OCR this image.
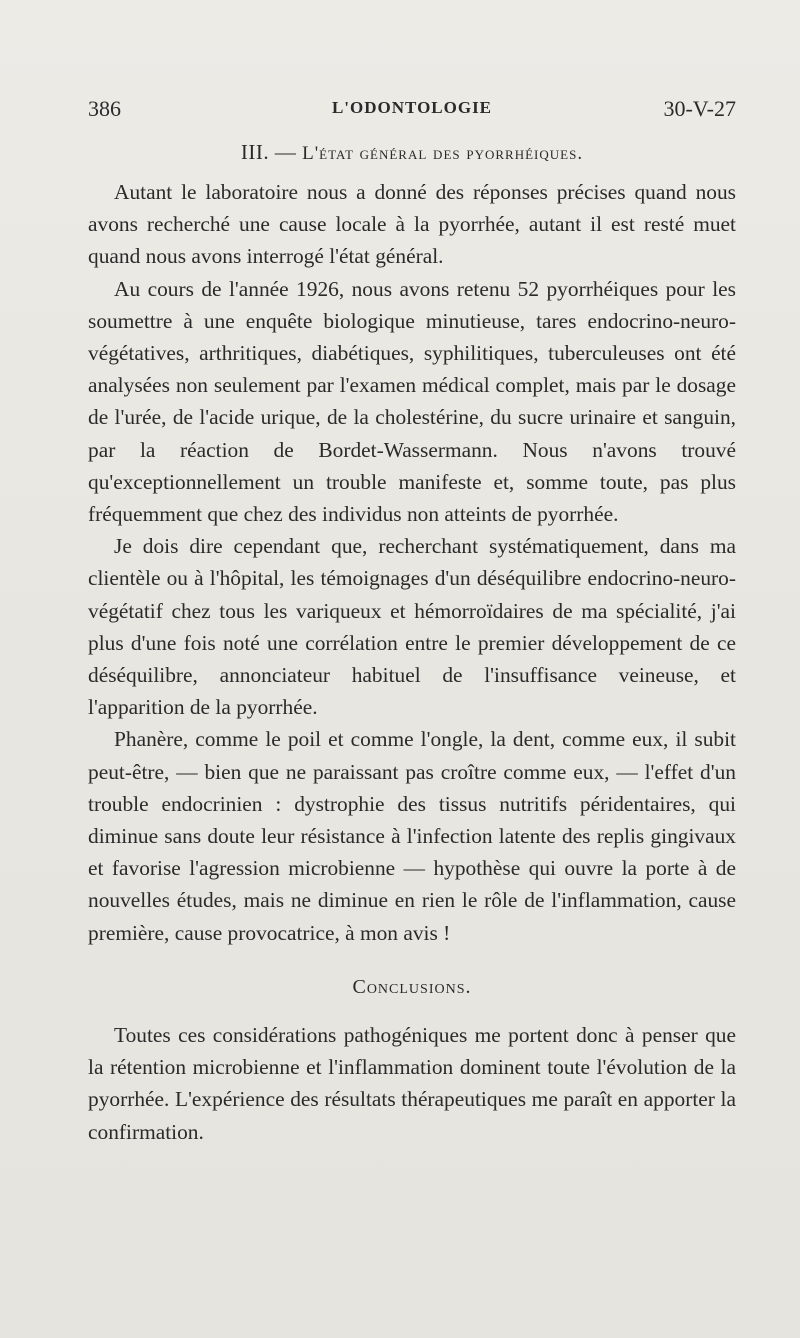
386	L'ODONTOLOGIE	30-V-27
III. — L'état général des pyorrhéiques.

Autant le laboratoire nous a donné des réponses précises quand nous avons recherché une cause locale à la pyorrhée, autant il est resté muet quand nous avons interrogé l'état général.

Au cours de l'année 1926, nous avons retenu 52 pyorrhéiques pour les soumettre à une enquête biologique minutieuse, tares endocrino-neuro-végétatives, arthritiques, diabétiques, syphilitiques, tuberculeuses ont été analysées non seulement par l'examen médical complet, mais par le dosage de l'urée, de l'acide urique, de la cholestérine, du sucre urinaire et sanguin, par la réaction de Bordet-Wassermann. Nous n'avons trouvé qu'exceptionnellement un trouble manifeste et, somme toute, pas plus fréquemment que chez des individus non atteints de pyorrhée.

Je dois dire cependant que, recherchant systématiquement, dans ma clientèle ou à l'hôpital, les témoignages d'un déséquilibre endocrino-neuro-végétatif chez tous les variqueux et hémorroïdaires de ma spécialité, j'ai plus d'une fois noté une corrélation entre le premier développement de ce déséquilibre, annonciateur habituel de l'insuffisance veineuse, et l'apparition de la pyorrhée.

Phanère, comme le poil et comme l'ongle, la dent, comme eux, il subit peut-être, — bien que ne paraissant pas croître comme eux, — l'effet d'un trouble endocrinien : dystrophie des tissus nutritifs péridentaires, qui diminue sans doute leur résistance à l'infection latente des replis gingivaux et favorise l'agression microbienne — hypothèse qui ouvre la porte à de nouvelles études, mais ne diminue en rien le rôle de l'inflammation, cause première, cause provocatrice, à mon avis !

Conclusions.

Toutes ces considérations pathogéniques me portent donc à penser que la rétention microbienne et l'inflammation dominent toute l'évolution de la pyorrhée. L'expérience des résultats thérapeutiques me paraît en apporter la confirmation.
